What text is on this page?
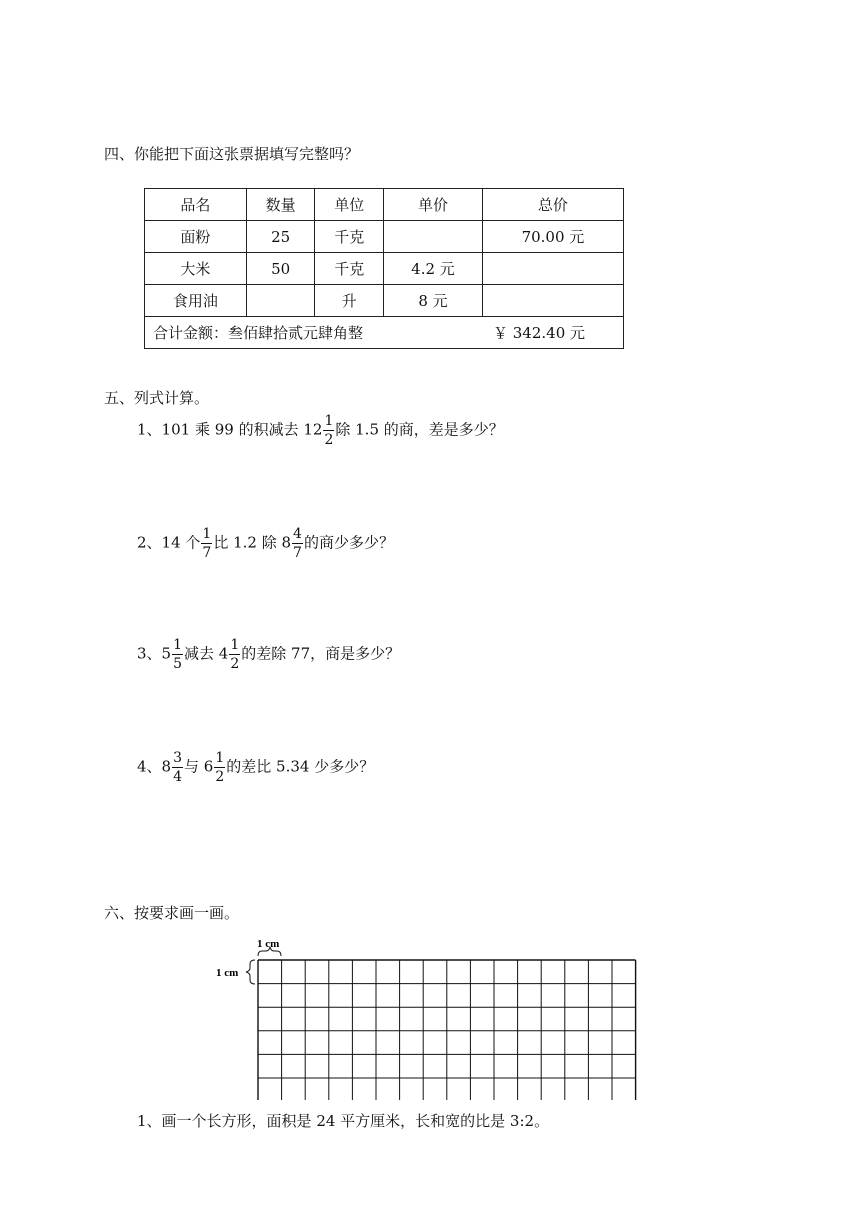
四、你能把下面这张票据填写完整吗？
品名	数量	单位	单价	总价
面粉	25	千克		70.00 元
大米	50	千克	4.2 元	
食用油		升	8 元	
合计金额：叁佰肆拾贰元肆角整 ￥ 342.40 元				
五、列式计算。
1、101 乘 99 的积减去 $12 \frac{1}{2}$ 除 1.5 的商，差是多少？
2、14 个 $\frac{1}{7}$ 比 1.2 除 $8 \frac{4}{7}$ 的商少多少？
3、$5 \frac{1}{5}$ 减去 $4 \frac{1}{2}$ 的差除 77，商是多少？
4、$8 \frac{3}{4}$ 与 $6 \frac{1}{2}$ 的差比 5.34 少多少？
六、按要求画一画。
1 cm
1 cm
1、画一个长方形，面积是 24 平方厘米，长和宽的比是 3:2。
